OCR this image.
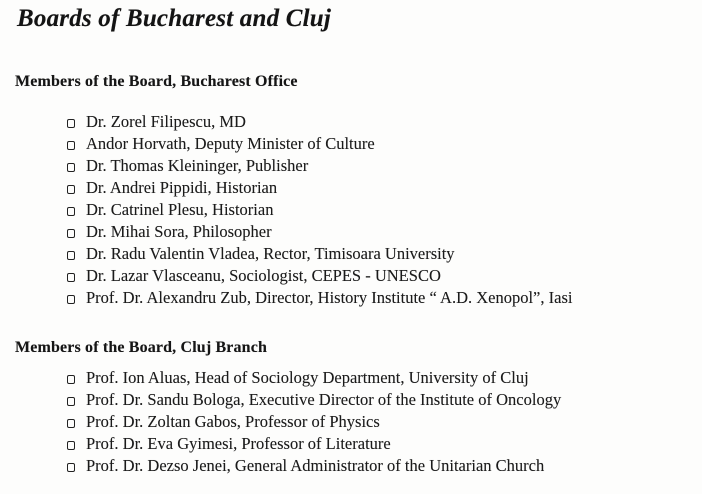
Boards of Bucharest and Cluj
Members of the Board, Bucharest Office
Dr. Zorel Filipescu, MD
Andor Horvath, Deputy Minister of Culture
Dr. Thomas Kleininger, Publisher
Dr. Andrei Pippidi, Historian
Dr. Catrinel Plesu, Historian
Dr. Mihai Sora, Philosopher
Dr. Radu Valentin Vladea, Rector, Timisoara University
Dr. Lazar Vlasceanu, Sociologist, CEPES - UNESCO
Prof. Dr. Alexandru Zub, Director, History Institute “ A.D. Xenopol”, Iasi
Members of the Board, Cluj Branch
Prof. Ion Aluas, Head of Sociology Department, University of Cluj
Prof. Dr. Sandu Bologa, Executive Director of the Institute of Oncology
Prof. Dr. Zoltan Gabos, Professor of Physics
Prof. Dr. Eva Gyimesi, Professor of Literature
Prof. Dr. Dezso Jenei, General Administrator of the Unitarian Church
